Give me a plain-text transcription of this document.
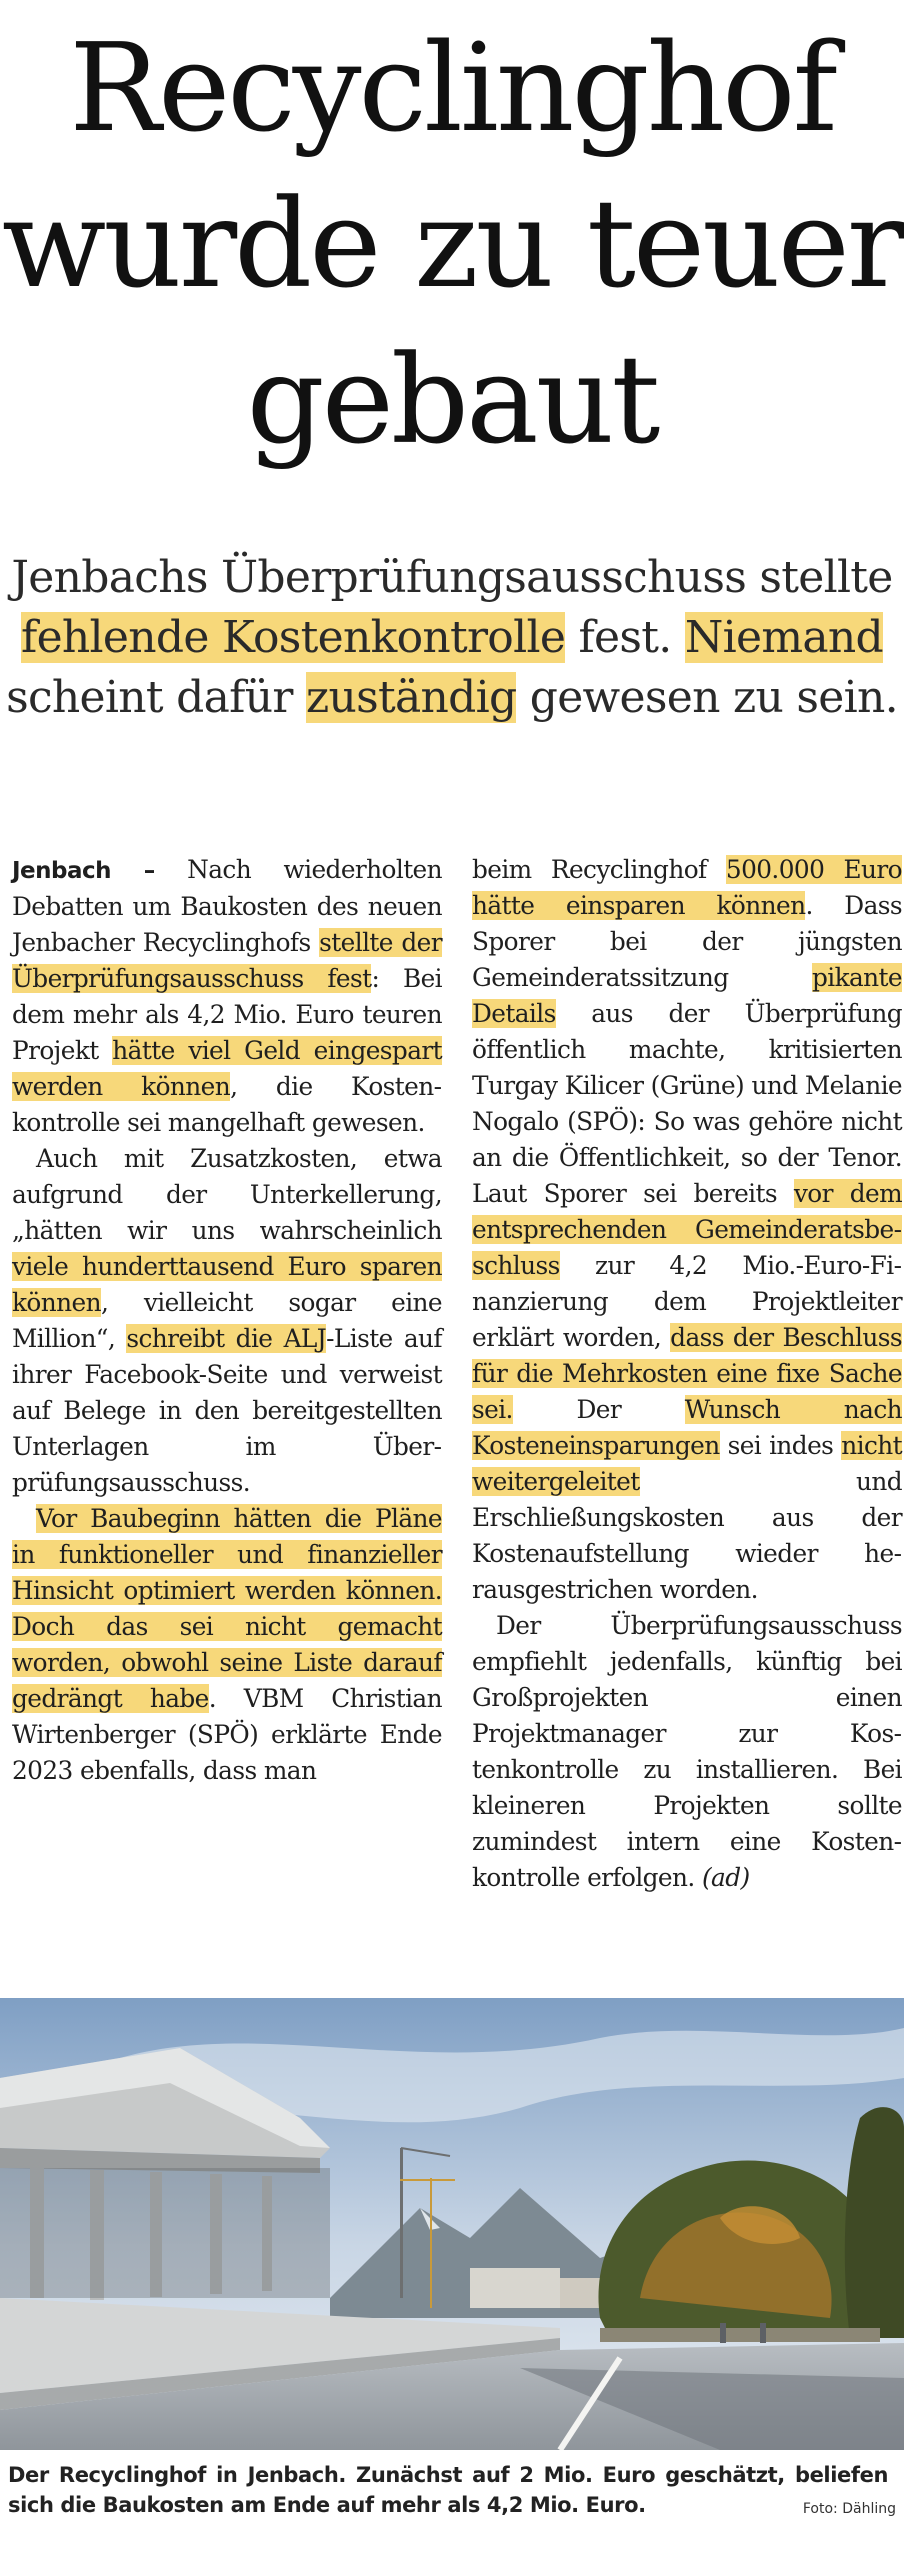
Recyclinghof wurde zu teuer gebaut
Jenbachs Überprüfungsausschuss stellte fehlende Kostenkontrolle fest. Niemand scheint dafür zuständig gewesen zu sein.

Jenbach – Nach wiederholten Debatten um Baukosten des neuen Jenbacher Recyclinghofs stellte der Überprüfungsausschuss fest: Bei dem mehr als 4,2 Mio. Euro teuren Projekt hätte viel Geld eingespart werden können, die Kostenkontrolle sei mangelhaft gewesen.

Auch mit Zusatzkosten, etwa aufgrund der Unterkellerung, „hätten wir uns wahrscheinlich viele hunderttausend Euro sparen können, vielleicht sogar eine Million“, schreibt die ALJ-Liste auf ihrer Facebook-Seite und verweist auf Belege in den bereitgestellten Unterlagen im Überprüfungsausschuss.

Vor Baubeginn hätten die Pläne in funktioneller und finanzieller Hinsicht optimiert werden können. Doch das sei nicht gemacht worden, obwohl seine Liste darauf gedrängt habe. VBM Christian Wirtenberger (SPÖ) erklärte Ende 2023 ebenfalls, dass man

beim Recyclinghof 500.000 Euro hätte einsparen können. Dass Sporer bei der jüngsten Gemeinderatssitzung pikante Details aus der Überprüfung öffentlich machte, kritisierten Turgay Kilicer (Grüne) und Melanie Nogalo (SPÖ): So was gehöre nicht an die Öffentlichkeit, so der Tenor. Laut Sporer sei bereits vor dem entsprechenden Gemeinderatsbeschluss zur 4,2 Mio.-Euro-Finanzierung dem Projektleiter erklärt worden, dass der Beschluss für die Mehrkosten eine fixe Sache sei. Der Wunsch nach Kosteneinsparungen sei indes nicht weitergeleitet und Erschließungskosten aus der Kostenaufstellung wieder herausgestrichen worden.

Der Überprüfungsausschuss empfiehlt jedenfalls, künftig bei Großprojekten einen Projektmanager zur Kostenkontrolle zu installieren. Bei kleineren Projekten sollte zumindest intern eine Kostenkontrolle erfolgen. (ad)

Der Recyclinghof in Jenbach. Zunächst auf 2 Mio. Euro geschätzt, beliefen sich die Baukosten am Ende auf mehr als 4,2 Mio. Euro.	Foto: Dähling
